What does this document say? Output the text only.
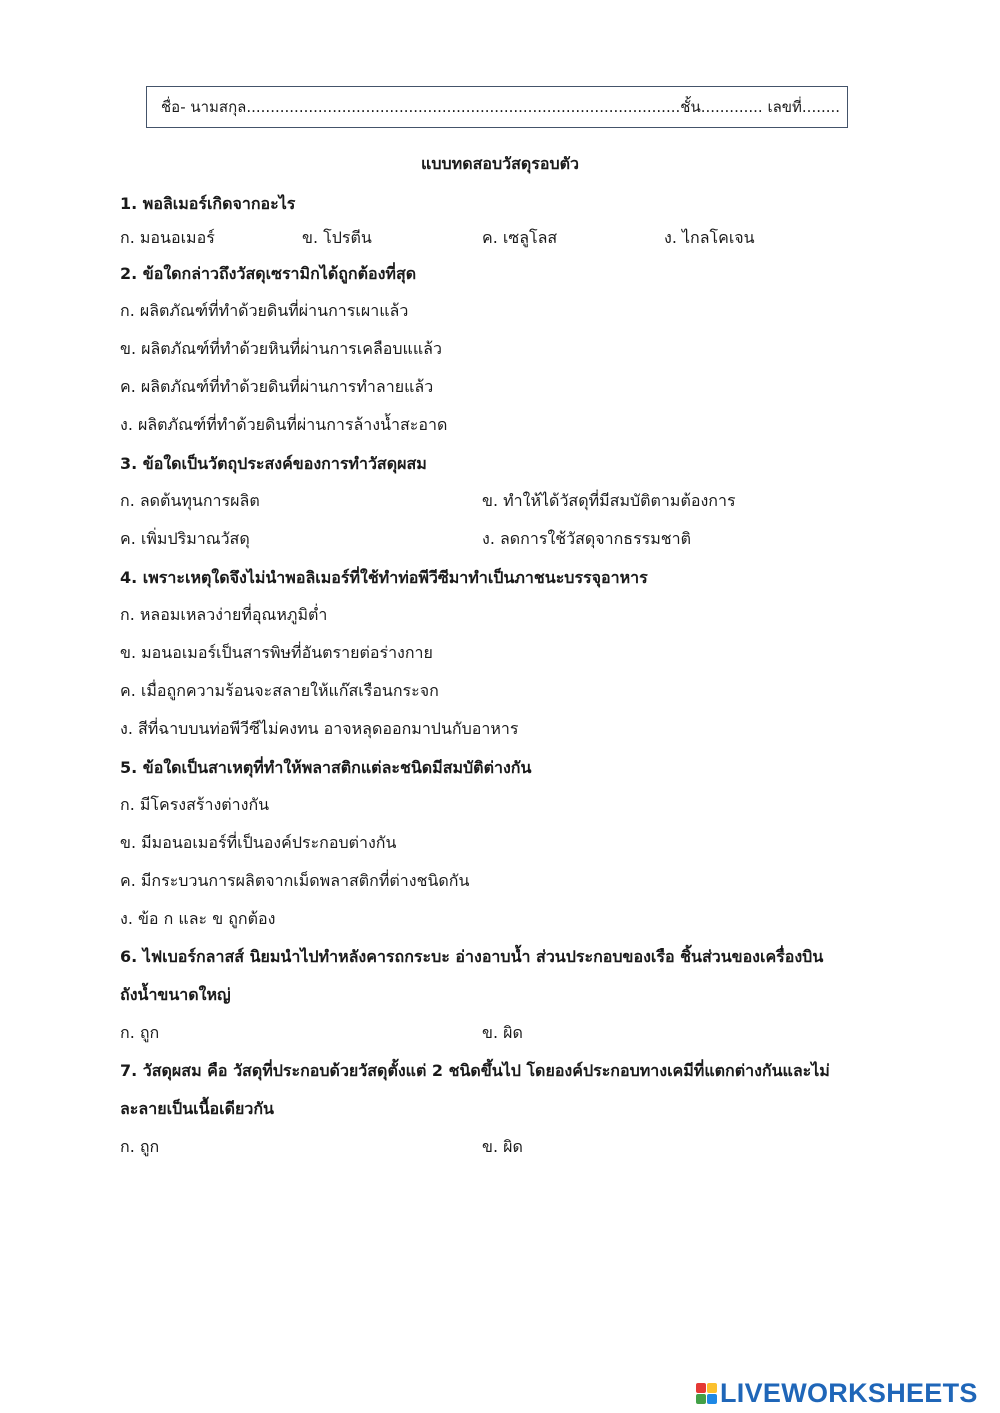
ชื่อ- นามสกุล...........................................................................................ชั้น............. เลขที่........
แบบทดสอบวัสดุรอบตัว
1. พอลิเมอร์เกิดจากอะไร
ก. มอนอเมอร์	ข. โปรตีน	ค. เซลูโลส	ง. ไกลโคเจน
2. ข้อใดกล่าวถึงวัสดุเซรามิกได้ถูกต้องที่สุด
ก. ผลิตภัณฑ์ที่ทำด้วยดินที่ผ่านการเผาแล้ว
ข. ผลิตภัณฑ์ที่ทำด้วยหินที่ผ่านการเคลือบแแล้ว
ค. ผลิตภัณฑ์ที่ทำด้วยดินที่ผ่านการทำลายแล้ว
ง. ผลิตภัณฑ์ที่ทำด้วยดินที่ผ่านการล้างน้ำสะอาด
3. ข้อใดเป็นวัตถุประสงค์ของการทำวัสดุผสม
ก. ลดต้นทุนการผลิต	ข. ทำให้ได้วัสดุที่มีสมบัติตามต้องการ
ค. เพิ่มปริมาณวัสดุ	ง. ลดการใช้วัสดุจากธรรมชาติ
4. เพราะเหตุใดจึงไม่นำพอลิเมอร์ที่ใช้ทำท่อพีวีซีมาทำเป็นภาชนะบรรจุอาหาร
ก. หลอมเหลวง่ายที่อุณหภูมิต่ำ
ข. มอนอเมอร์เป็นสารพิษที่อันตรายต่อร่างกาย
ค. เมื่อถูกความร้อนจะสลายให้แก๊สเรือนกระจก
ง. สีที่ฉาบบนท่อพีวีซีไม่คงทน อาจหลุดออกมาปนกับอาหาร
5. ข้อใดเป็นสาเหตุที่ทำให้พลาสติกแต่ละชนิดมีสมบัติต่างกัน
ก. มีโครงสร้างต่างกัน
ข. มีมอนอเมอร์ที่เป็นองค์ประกอบต่างกัน
ค. มีกระบวนการผลิตจากเม็ดพลาสติกที่ต่างชนิดกัน
ง. ข้อ ก และ ข ถูกต้อง
6. ไฟเบอร์กลาสส์ นิยมนำไปทำหลังคารถกระบะ อ่างอาบน้ำ ส่วนประกอบของเรือ ชิ้นส่วนของเครื่องบิน
ถังน้ำขนาดใหญ่
ก. ถูก	ข. ผิด
7. วัสดุผสม คือ วัสดุที่ประกอบด้วยวัสดุตั้งแต่ 2 ชนิดขึ้นไป โดยองค์ประกอบทางเคมีที่แตกต่างกันและไม่
ละลายเป็นเนื้อเดียวกัน
ก. ถูก	ข. ผิด
LIVEWORKSHEETS
